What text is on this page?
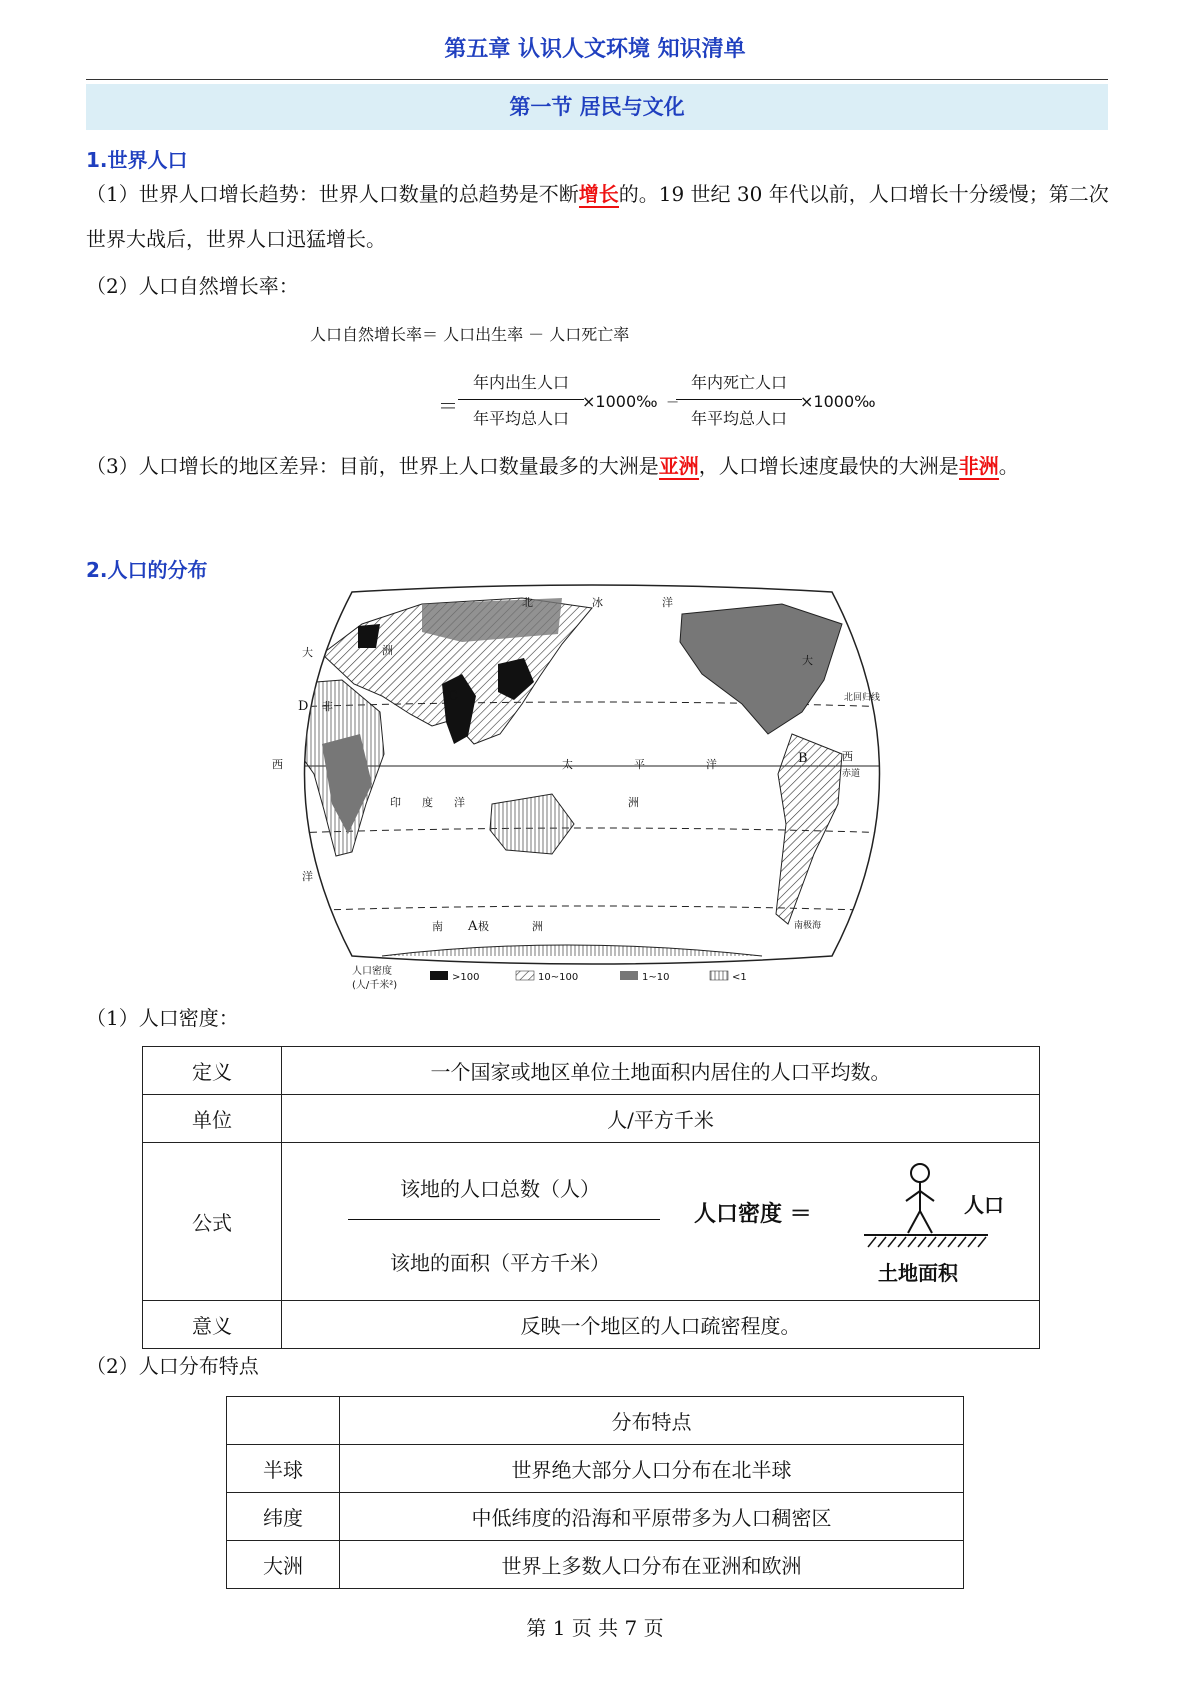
第五章 认识人文环境 知识清单
第一节 居民与文化
1.世界人口
（1）世界人口增长趋势：世界人口数量的总趋势是不断增长的。19 世纪 30 年代以前，人口增长十分缓慢；第二次世界大战后，世界人口迅猛增长。
（2）人口自然增长率：
人口自然增长率＝ 人口出生率 － 人口死亡率
＝
年内出生人口
年平均总人口
×1000‰ −
年内死亡人口
年平均总人口
×1000‰
（3）人口增长的地区差异：目前，世界上人口数量最多的大洲是亚洲，人口增长速度最快的大洲是非洲。
2.人口的分布
北	冰	洋
大
西
洋
太	平	洋
大
西
印 度 洋	洲
非
洲
北回归线
赤道
南极海
南	极	洲
A
B
C
D
人口密度
(人/千米²)
>100	10~100	1~10	<1
（1）人口密度：
定义	一个国家或地区单位土地面积内居住的人口平均数。
单位	人/平方千米
公式	该地的人口总数（人）
该地的面积（平方千米）
人口密度 ＝ 人口
土地面积

意义	反映一个地区的人口疏密程度。
（2）人口分布特点
	分布特点
半球	世界绝大部分人口分布在北半球
纬度	中低纬度的沿海和平原带多为人口稠密区
大洲	世界上多数人口分布在亚洲和欧洲
第 1 页 共 7 页
